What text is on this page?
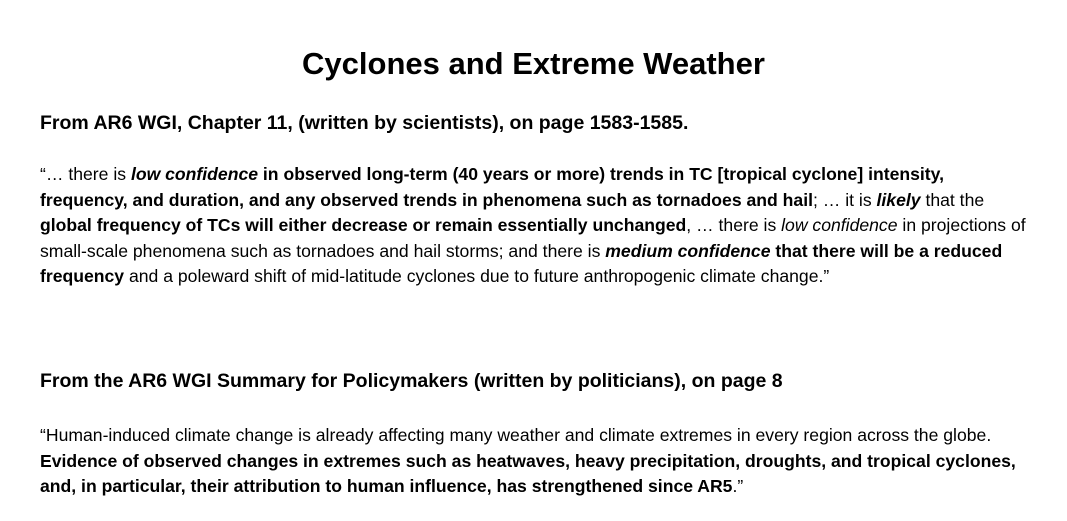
Cyclones and Extreme Weather
From AR6 WGI, Chapter 11, (written by scientists), on page 1583-1585.

“… there is low confidence in observed long-term (40 years or more) trends in TC [tropical cyclone] intensity, frequency, and duration, and any observed trends in phenomena such as tornadoes and hail; … it is likely that the global frequency of TCs will either decrease or remain essentially unchanged, … there is low confidence in projections of small-scale phenomena such as tornadoes and hail storms; and there is medium confidence that there will be a reduced frequency and a poleward shift of mid-latitude cyclones due to future anthropogenic climate change.”

From the AR6 WGI Summary for Policymakers (written by politicians), on page 8

“Human-induced climate change is already affecting many weather and climate extremes in every region across the globe. Evidence of observed changes in extremes such as heatwaves, heavy precipitation, droughts, and tropical cyclones, and, in particular, their attribution to human influence, has strengthened since AR5.”
